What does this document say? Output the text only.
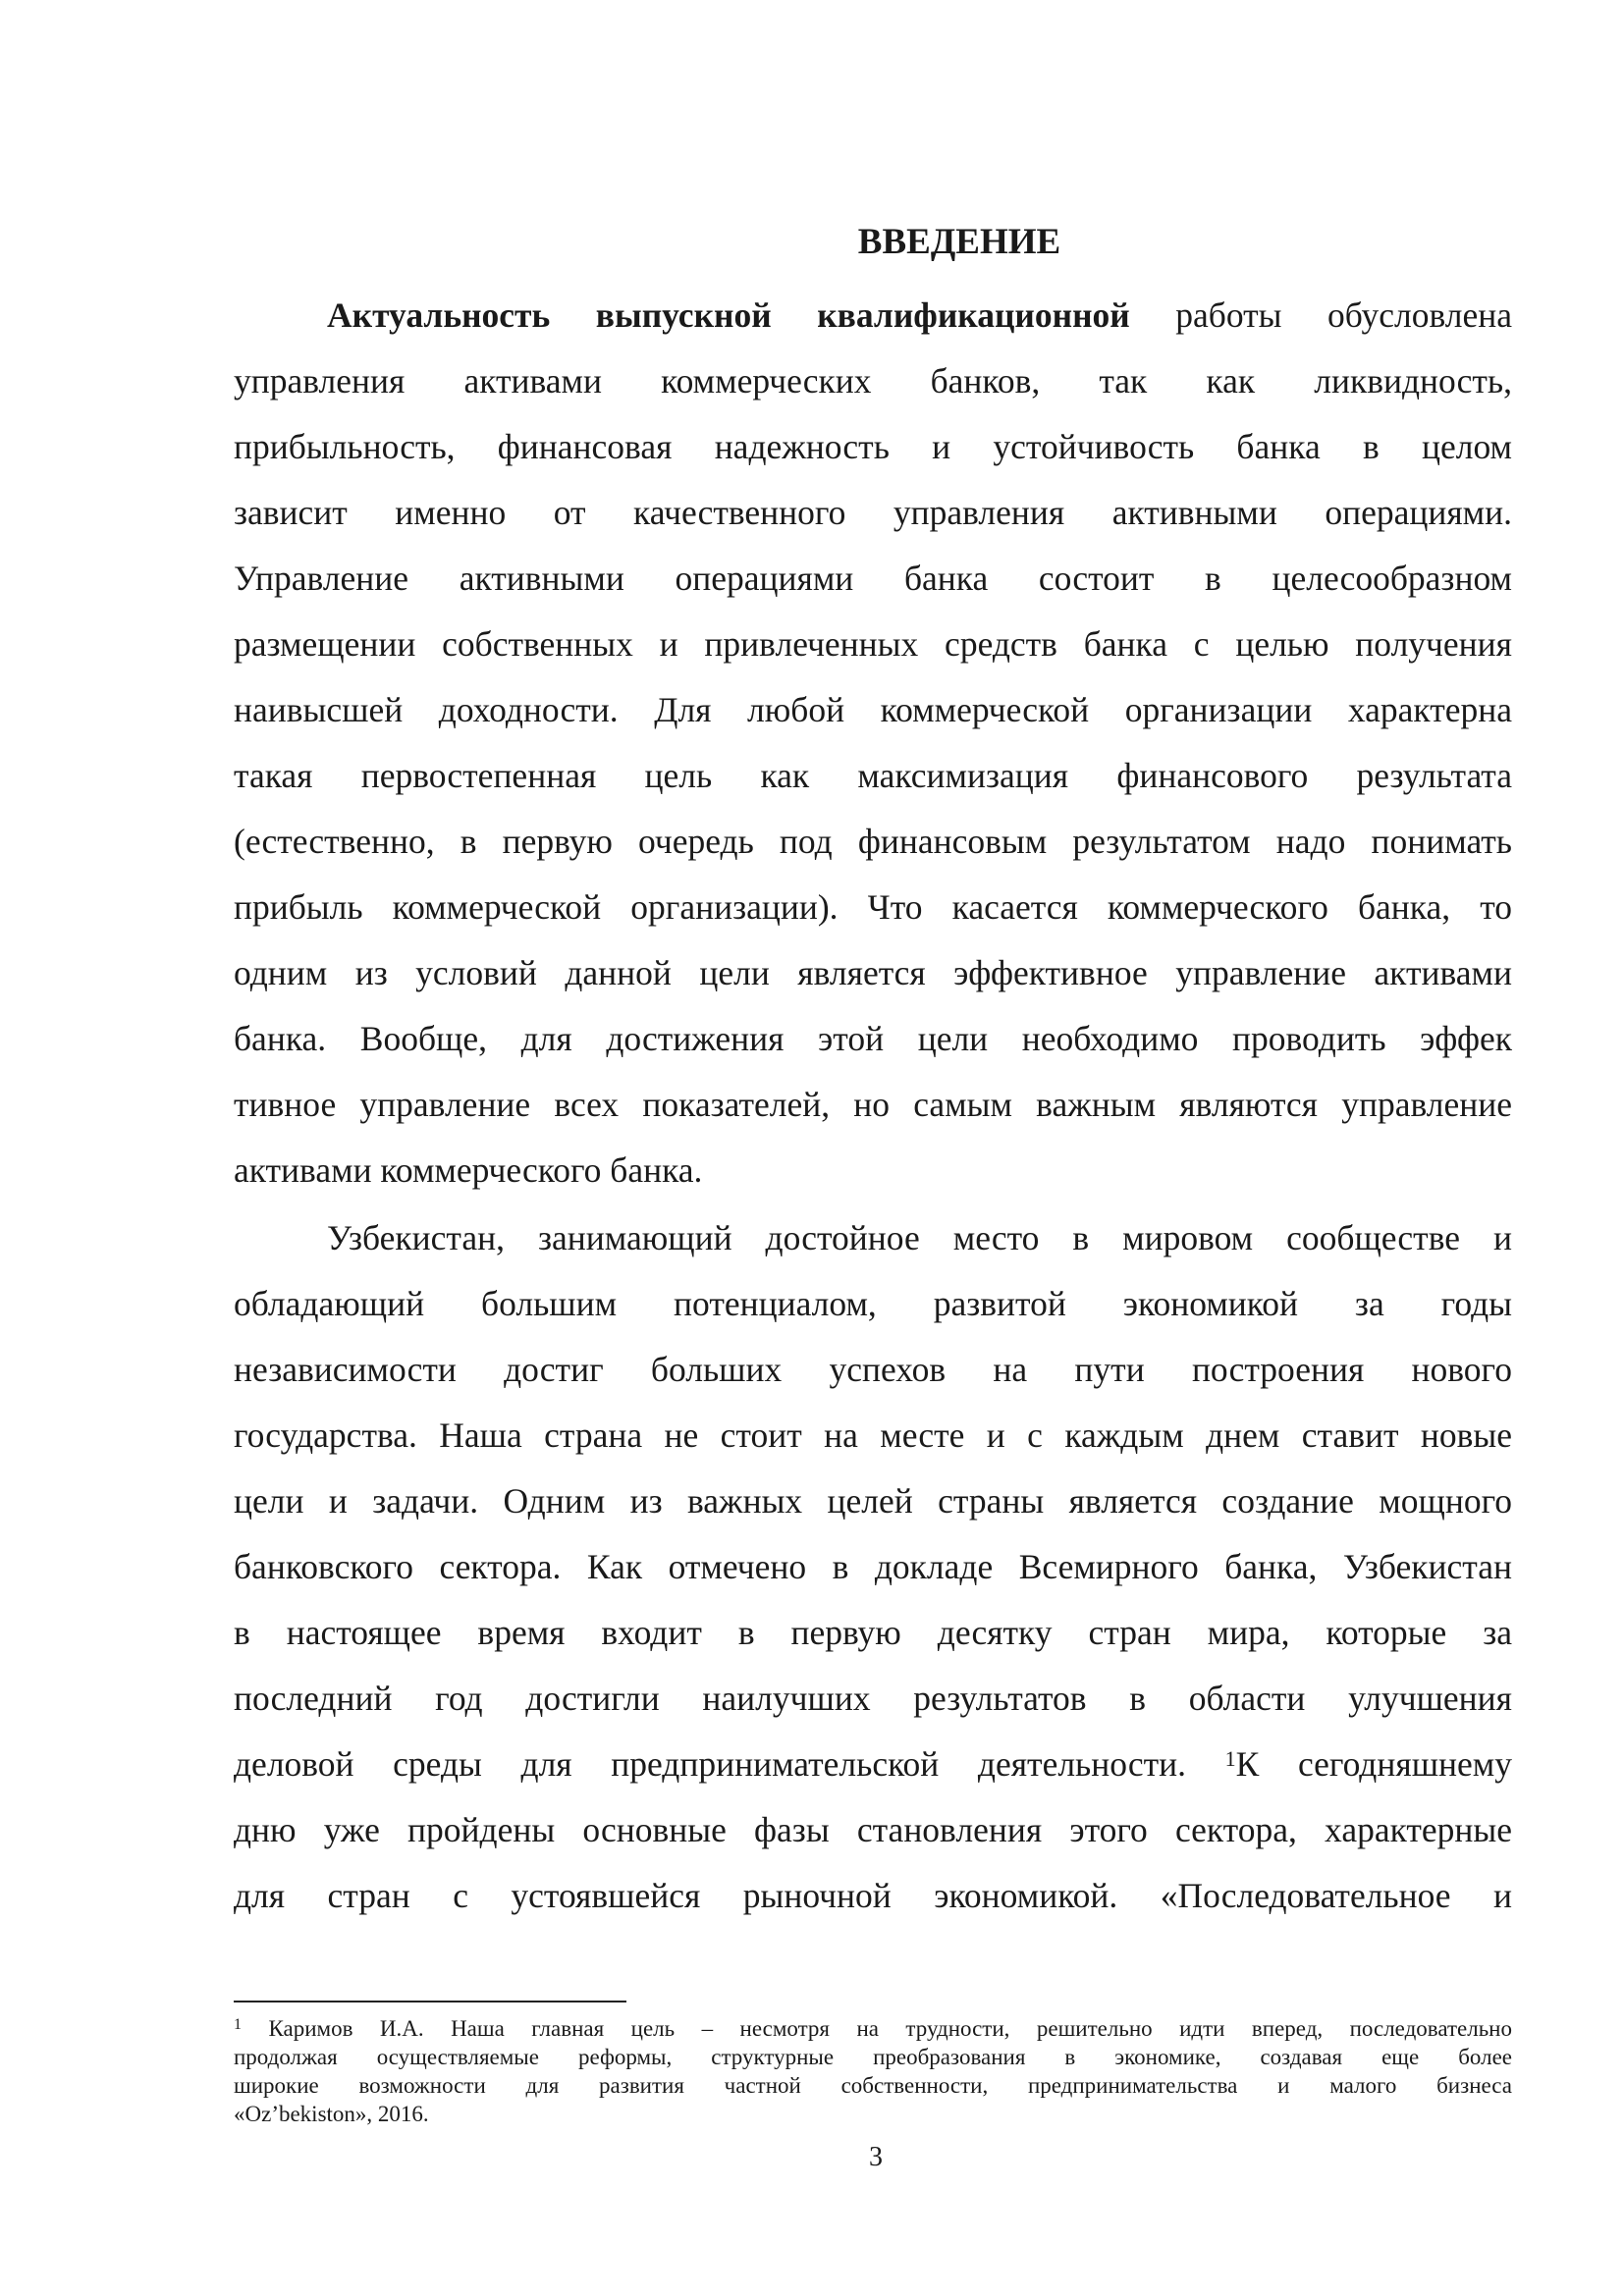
ВВЕДЕНИЕ
Актуальность выпускной квалификационной работы обусловлена
управления активами коммерческих банков, так как ликвидность,
прибыльность, финансовая надежность и устойчивость банка в целом
зависит именно от качественного управления активными операциями.
Управление активными операциями банка состоит в целесообразном
размещении собственных и привлеченных средств банка с целью получения
наивысшей доходности. Для любой коммерческой организации характерна
такая первостепенная цель как максимизация финансового результата
(естественно, в первую очередь под финансовым результатом надо понимать
прибыль коммерческой организации). Что касается коммерческого банка, то
одним из условий данной цели является эффективное управление активами
банка. Вообще, для достижения этой цели необходимо проводить эффек
тивное управление всех показателей, но самым важным являются управление
активами коммерческого банка.
Узбекистан, занимающий достойное место в мировом сообществе и
обладающий большим потенциалом, развитой экономикой за годы
независимости достиг больших успехов на пути построения нового
государства. Наша страна не стоит на месте и с каждым днем ставит новые
цели и задачи. Одним из важных целей страны является создание мощного
банковского сектора. Как отмечено в докладе Всемирного банка, Узбекистан
в настоящее время входит в первую десятку стран мира, которые за
последний год достигли наилучших результатов в области улучшения
деловой среды для предпринимательской деятельности. $^1$К сегодняшнему
дню уже пройдены основные фазы становления этого сектора, характерные
для стран с устоявшейся рыночной экономикой. «Последовательное и
$^1$ Каримов И.А. Наша главная цель – несмотря на трудности, решительно идти вперед, последовательно
продолжая осуществляемые реформы, структурные преобразования в экономике, создавая еще более
широкие возможности для развития частной собственности, предпринимательства и малого бизнеса
«Oz’bekiston», 2016.
3
